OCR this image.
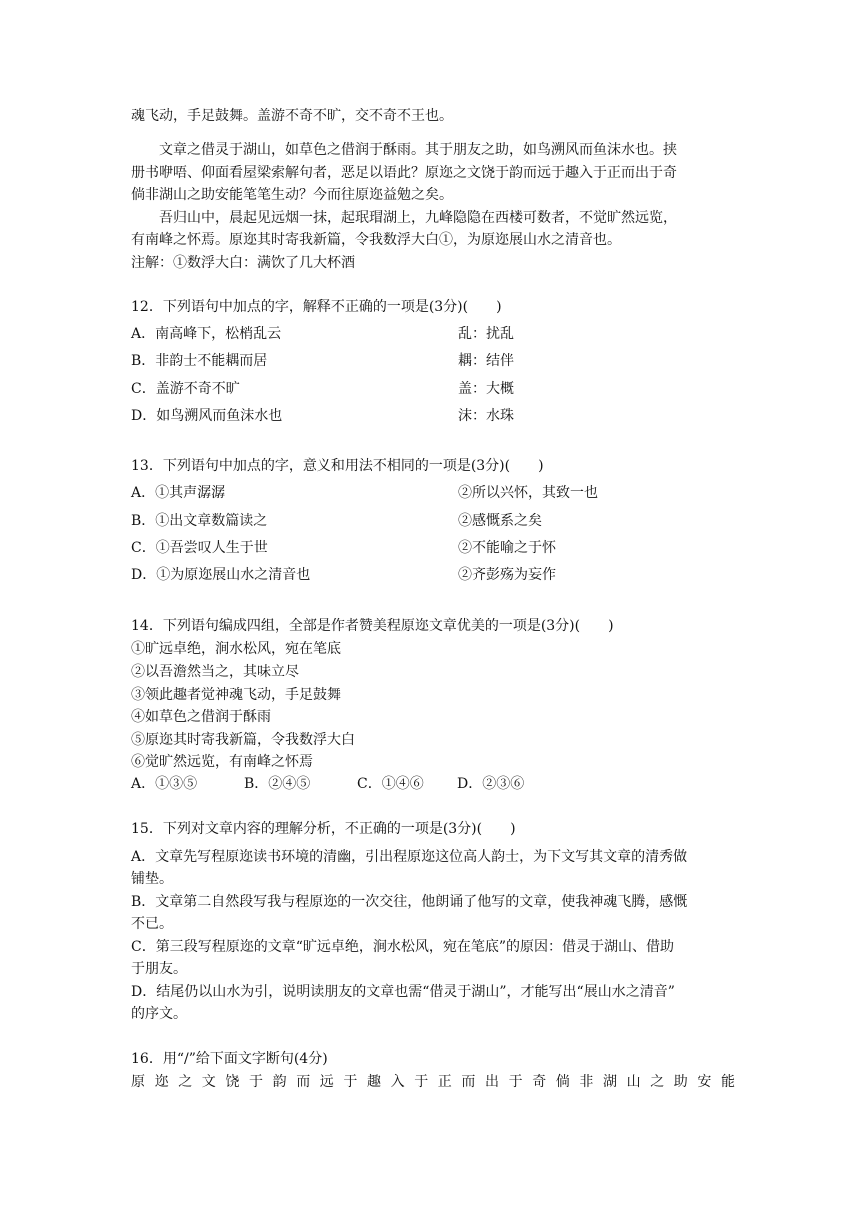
魂飞动，手足鼓舞。盖游不奇不旷，交不奇不王也。
文章之借灵于湖山，如草色之借润于酥雨。其于朋友之助，如鸟溯风而鱼沫水也。挟
册书咿唔、仰面看屋梁索解句者，恶足以语此？原迩之文饶于韵而远于趣入于正而出于奇
倘非湖山之助安能笔笔生动？今而往原迩益勉之矣。
吾归山中，晨起见远烟一抹，起珉瑁湖上，九峰隐隐在西楼可数者，不觉旷然远览，
有南峰之怀焉。原迩其时寄我新篇，令我数浮大白①，为原迩展山水之清音也。
注解：①数浮大白：满饮了几大杯酒
12．下列语句中加点的字，解释不正确的一项是(3分)(　　)
A．南高峰下，松梢乱云	乱：扰乱
B．非韵士不能耦而居	耦：结伴
C．盖游不奇不旷	盖：大概
D．如鸟溯风而鱼沫水也	沫：水珠
13．下列语句中加点的字，意义和用法不相同的一项是(3分)(　　)
A．①其声潺潺	②所以兴怀，其致一也
B．①出文章数篇读之	②感慨系之矣
C．①吾尝叹人生于世	②不能喻之于怀
D．①为原迩展山水之清音也	②齐彭殇为妄作
14．下列语句编成四组，全部是作者赞美程原迩文章优美的一项是(3分)(　　)
①旷远卓绝，涧水松风，宛在笔底
②以吾澹然当之，其味立尽
③领此趣者觉神魂飞动，手足鼓舞
④如草色之借润于酥雨
⑤原迩其时寄我新篇，令我数浮大白
⑥觉旷然远览，有南峰之怀焉
A．①③⑤	B．②④⑤	C．①④⑥ D．②③⑥
15．下列对文章内容的理解分析，不正确的一项是(3分)(　　)
A．文章先写程原迩读书环境的清幽，引出程原迩这位高人韵士，为下文写其文章的清秀做
铺垫。
B．文章第二自然段写我与程原迩的一次交往，他朗诵了他写的文章，使我神魂飞腾，感慨
不已。
C．第三段写程原迩的文章“旷远卓绝，涧水松风，宛在笔底”的原因：借灵于湖山、借助
于朋友。
D．结尾仍以山水为引，说明读朋友的文章也需“借灵于湖山”，才能写出“展山水之清音”
的序文。
16．用“/”给下面文字断句(4分)
原迩之文饶于韵而远于趣入于正而出于奇倘非湖山之助安能
